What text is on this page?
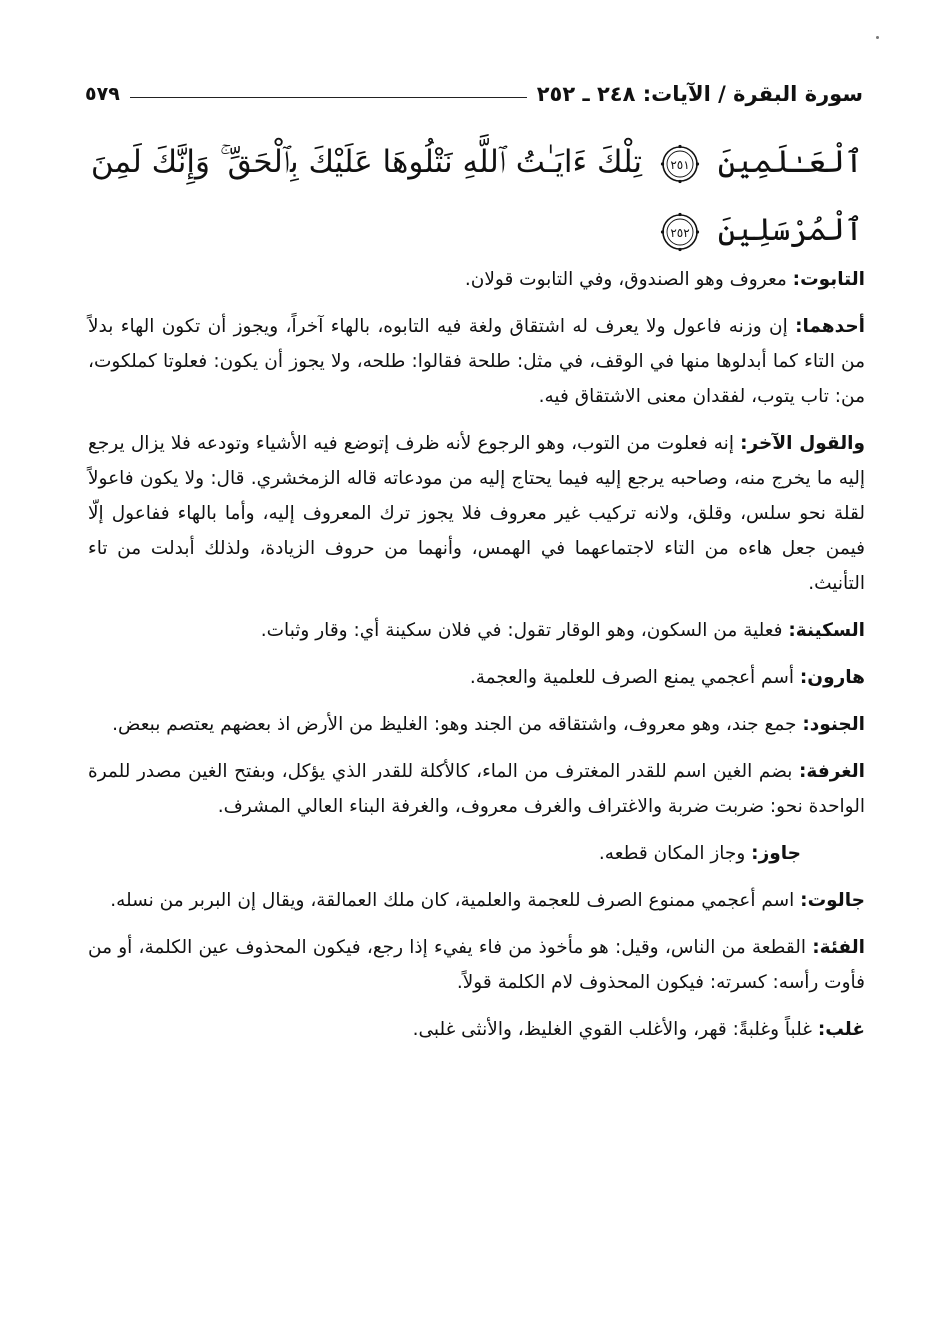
سورة البقرة / الآيات: ٢٤٨ ـ ٢٥٢
٥٧٩
ٱلْعَـٰلَمِينَ
٢٥١
تِلْكَ ءَايَـٰتُ ٱللَّهِ نَتْلُوهَا عَلَيْكَ بِٱلْحَقِّ ۚ وَإِنَّكَ لَمِنَ
ٱلْمُرْسَلِينَ
٢٥٢

التابوت: معروف وهو الصندوق، وفي التابوت قولان.

أحدهما: إن وزنه فاعول ولا يعرف له اشتقاق ولغة فيه التابوه، بالهاء آخراً، ويجوز أن تكون الهاء بدلاً من التاء كما أبدلوها منها في الوقف، في مثل: طلحة فقالوا: طلحه، ولا يجوز أن يكون: فعلوتا كملكوت، من: تاب يتوب، لفقدان معنى الاشتقاق فيه.

والقول الآخر: إنه فعلوت من التوب، وهو الرجوع لأنه ظرف إتوضع فيه الأشياء وتودعه فلا يزال يرجع إليه ما يخرج منه، وصاحبه يرجع إليه فيما يحتاج إليه من مودعاته قاله الزمخشري. قال: ولا يكون فاعولاً لقلة نحو سلس، وقلق، ولانه تركيب غير معروف فلا يجوز ترك المعروف إليه، وأما بالهاء ففاعول إلّا فيمن جعل هاءه من التاء لاجتماعهما في الهمس، وأنهما من حروف الزيادة، ولذلك أبدلت من تاء التأنيث.

السكينة: فعلية من السكون، وهو الوقار تقول: في فلان سكينة أي: وقار وثبات.

هارون: أسم أعجمي يمنع الصرف للعلمية والعجمة.

الجنود: جمع جند، وهو معروف، واشتقاقه من الجند وهو: الغليظ من الأرض اذ بعضهم يعتصم ببعض.

الغرفة: بضم الغين اسم للقدر المغترف من الماء، كالأكلة للقدر الذي يؤكل، وبفتح الغين مصدر للمرة الواحدة نحو: ضربت ضربة والاغتراف والغرف معروف، والغرفة البناء العالي المشرف.

جاوز: وجاز المكان قطعه.

جالوت: اسم أعجمي ممنوع الصرف للعجمة والعلمية، كان ملك العمالقة، ويقال إن البربر من نسله.

الفئة: القطعة من الناس، وقيل: هو مأخوذ من فاء يفيء إذا رجع، فيكون المحذوف عين الكلمة، أو من فأوت رأسه: كسرته: فيكون المحذوف لام الكلمة قولاً.

غلب: غلباً وغلبةً: قهر، والأغلب القوي الغليظ، والأنثى غلبى.
